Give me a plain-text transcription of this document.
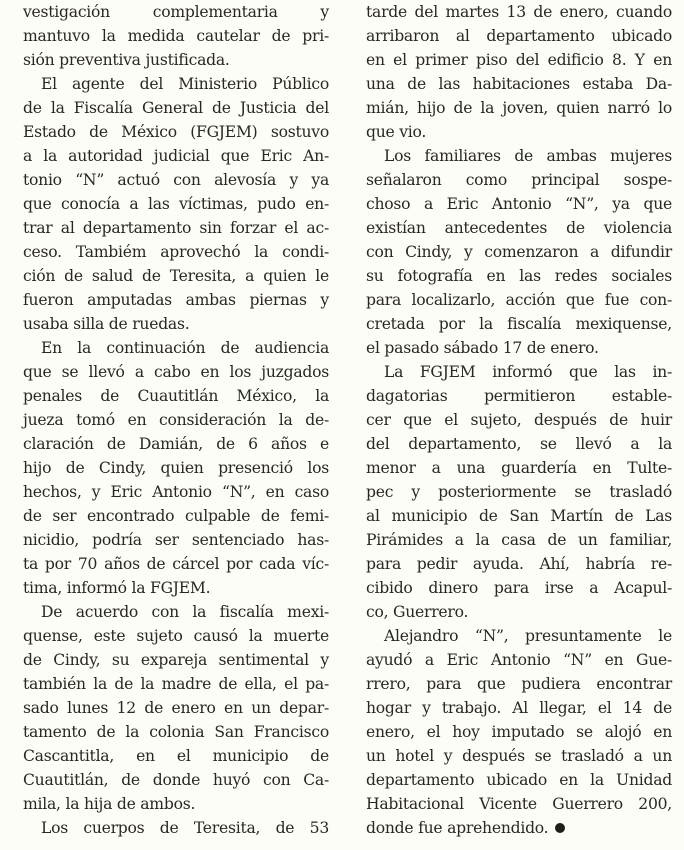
vestigación complementaria y
mantuvo la medida cautelar de pri-
sión preventiva justificada.
El agente del Ministerio Público
de la Fiscalía General de Justicia del
Estado de México (FGJEM) sostuvo
a la autoridad judicial que Eric An-
tonio “N” actuó con alevosía y ya
que conocía a las víctimas, pudo en-
trar al departamento sin forzar el ac-
ceso. Tambiém aprovechó la condi-
ción de salud de Teresita, a quien le
fueron amputadas ambas piernas y
usaba silla de ruedas.
En la continuación de audiencia
que se llevó a cabo en los juzgados
penales de Cuautitlán México, la
jueza tomó en consideración la de-
claración de Damián, de 6 años e
hijo de Cindy, quien presenció los
hechos, y Eric Antonio “N”, en caso
de ser encontrado culpable de femi-
nicidio, podría ser sentenciado has-
ta por 70 años de cárcel por cada víc-
tima, informó la FGJEM.
De acuerdo con la fiscalía mexi-
quense, este sujeto causó la muerte
de Cindy, su expareja sentimental y
también la de la madre de ella, el pa-
sado lunes 12 de enero en un depar-
tamento de la colonia San Francisco
Cascantitla, en el municipio de
Cuautitlán, de donde huyó con Ca-
mila, la hija de ambos.
Los cuerpos de Teresita, de 53
tarde del martes 13 de enero, cuando
arribaron al departamento ubicado
en el primer piso del edificio 8. Y en
una de las habitaciones estaba Da-
mián, hijo de la joven, quien narró lo
que vio.
Los familiares de ambas mujeres
señalaron como principal sospe-
choso a Eric Antonio “N”, ya que
existían antecedentes de violencia
con Cindy, y comenzaron a difundir
su fotografía en las redes sociales
para localizarlo, acción que fue con-
cretada por la fiscalía mexiquense,
el pasado sábado 17 de enero.
La FGJEM informó que las in-
dagatorias permitieron estable-
cer que el sujeto, después de huir
del departamento, se llevó a la
menor a una guardería en Tulte-
pec y posteriormente se trasladó
al municipio de San Martín de Las
Pirámides a la casa de un familiar,
para pedir ayuda. Ahí, habría re-
cibido dinero para irse a Acapul-
co, Guerrero.
Alejandro “N”, presuntamente le
ayudó a Eric Antonio “N” en Gue-
rrero, para que pudiera encontrar
hogar y trabajo. Al llegar, el 14 de
enero, el hoy imputado se alojó en
un hotel y después se trasladó a un
departamento ubicado en la Unidad
Habitacional Vicente Guerrero 200,
donde fue aprehendido.
